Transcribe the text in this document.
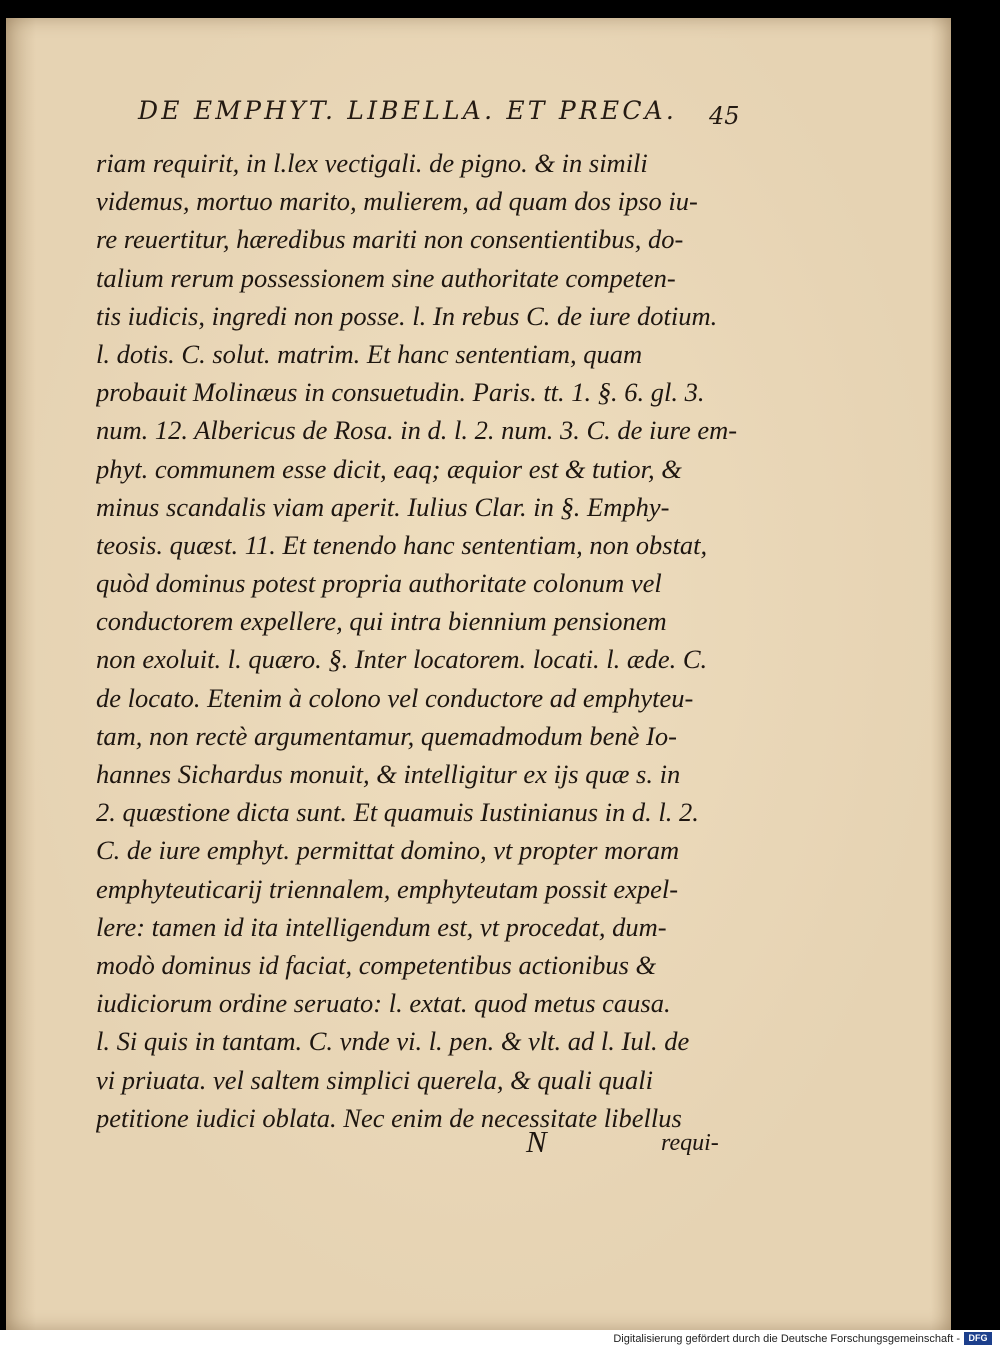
DE EMPHYT. LIBELLA. ET PRECA.	45
riam requirit, in l.lex vectigali. de pigno. & in simili
videmus, mortuo marito, mulierem, ad quam dos ipso iu-
re reuertitur, hæredibus mariti non consentientibus, do-
talium rerum possessionem sine authoritate competen-
tis iudicis, ingredi non posse. l. In rebus C. de iure dotium.
l. dotis. C. solut. matrim. Et hanc sententiam, quam
probauit Molinæus in consuetudin. Paris. tt. 1. §. 6. gl. 3.
num. 12. Albericus de Rosa. in d. l. 2. num. 3. C. de iure em-
phyt. communem esse dicit, eaq; æquior est & tutior, &
minus scandalis viam aperit. Iulius Clar. in §. Emphy-
teosis. quæst. 11. Et tenendo hanc sententiam, non obstat,
quòd dominus potest propria authoritate colonum vel
conductorem expellere, qui intra biennium pensionem
non exoluit. l. quæro. §. Inter locatorem. locati. l. æde. C.
de locato. Etenim à colono vel conductore ad emphyteu-
tam, non rectè argumentamur, quemadmodum benè Io-
hannes Sichardus monuit, & intelligitur ex ijs quæ s. in
2. quæstione dicta sunt. Et quamuis Iustinianus in d. l. 2.
C. de iure emphyt. permittat domino, vt propter moram
emphyteuticarij triennalem, emphyteutam possit expel-
lere: tamen id ita intelligendum est, vt procedat, dum-
modò dominus id faciat, competentibus actionibus &
iudiciorum ordine seruato: l. extat. quod metus causa.
l. Si quis in tantam. C. vnde vi. l. pen. & vlt. ad l. Iul. de
vi priuata. vel saltem simplici querela, & quali quali
petitione iudici oblata. Nec enim de necessitate libellus
N	requi-
Digitalisierung gefördert durch die Deutsche Forschungsgemeinschaft - DFG
